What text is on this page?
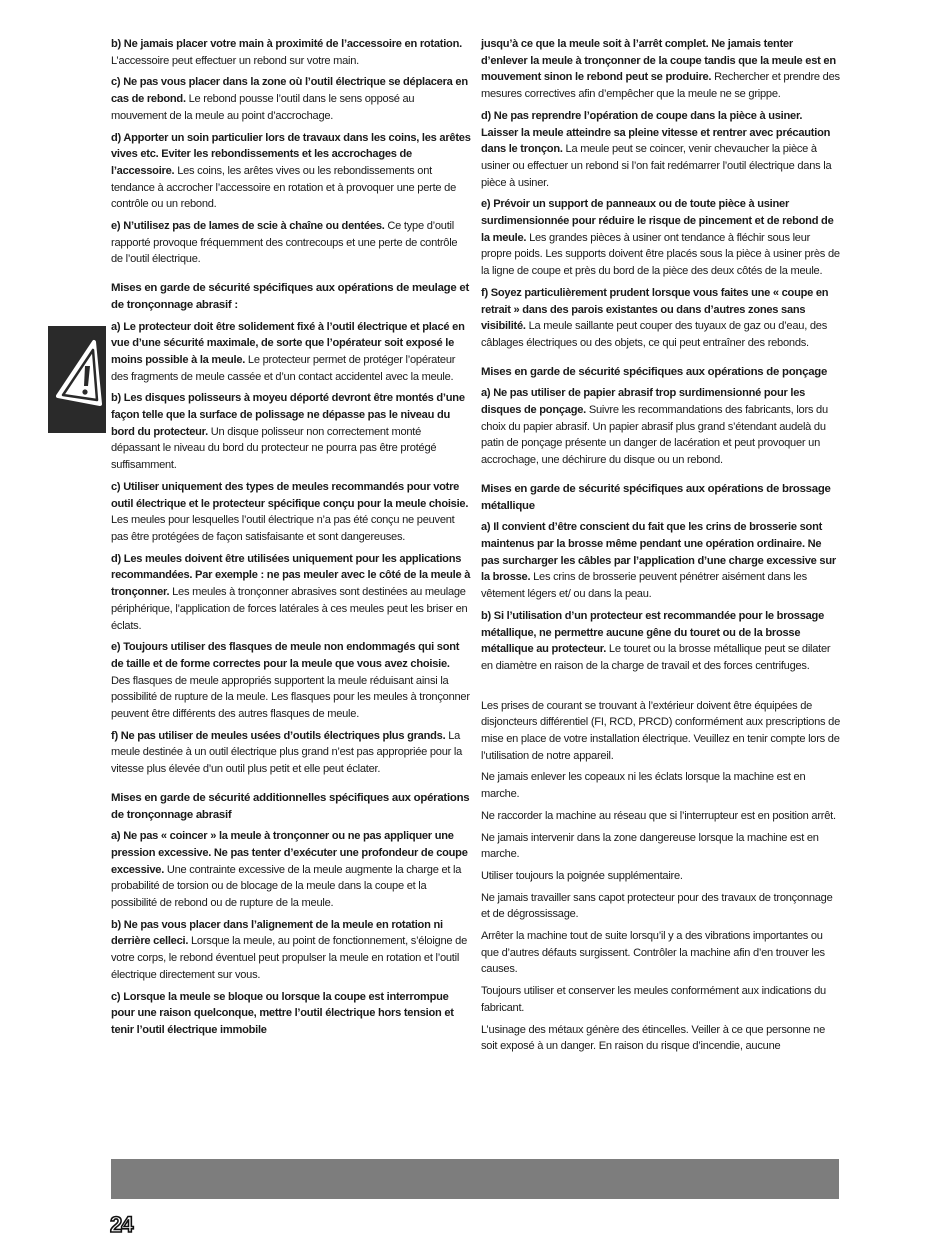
b) Ne jamais placer votre main à proximité de l’accessoire en rotation. L’accessoire peut effectuer un rebond sur votre main.

c) Ne pas vous placer dans la zone où l’outil électrique se déplacera en cas de rebond. Le rebond pousse l’outil dans le sens opposé au mouvement de la meule au point d’accrochage.

d) Apporter un soin particulier lors de travaux dans les coins, les arêtes vives etc. Eviter les rebondissements et les accrochages de l’accessoire. Les coins, les arêtes vives ou les rebondissements ont tendance à accrocher l’accessoire en rotation et à provoquer une perte de contrôle ou un rebond.

e) N’utilisez pas de lames de scie à chaîne ou dentées. Ce type d’outil rapporté provoque fréquemment des contrecoups et une perte de contrôle de l’outil électrique.

Mises en garde de sécurité spécifiques aux opérations de meulage et de tronçonnage abrasif :

a) Le protecteur doit être solidement fixé à l’outil électrique et placé en vue d’une sécurité maximale, de sorte que l’opérateur soit exposé le moins possible à la meule. Le protecteur permet de protéger l’opérateur des fragments de meule cassée et d’un contact accidentel avec la meule.

b) Les disques polisseurs à moyeu déporté devront être montés d’une façon telle que la surface de polissage ne dépasse pas le niveau du bord du protecteur. Un disque polisseur non correctement monté dépassant le niveau du bord du protecteur ne pourra pas être protégé suffisamment.

c) Utiliser uniquement des types de meules recommandés pour votre outil électrique et le protecteur spécifique conçu pour la meule choisie. Les meules pour lesquelles l’outil électrique n’a pas été conçu ne peuvent pas être protégées de façon satisfaisante et sont dangereuses.

d) Les meules doivent être utilisées uniquement pour les applications recommandées. Par exemple : ne pas meuler avec le côté de la meule à tronçonner. Les meules à tronçonner abrasives sont destinées au meulage périphérique, l’application de forces latérales à ces meules peut les briser en éclats.

e) Toujours utiliser des flasques de meule non endommagés qui sont de taille et de forme correctes pour la meule que vous avez choisie. Des flasques de meule appropriés supportent la meule réduisant ainsi la possibilité de rupture de la meule. Les flasques pour les meules à tronçonner peuvent être différents des autres flasques de meule.

f) Ne pas utiliser de meules usées d’outils électriques plus grands. La meule destinée à un outil électrique plus grand n’est pas appropriée pour la vitesse plus élevée d’un outil plus petit et elle peut éclater.

Mises en garde de sécurité additionnelles spécifiques aux opérations de tronçonnage abrasif

a) Ne pas « coincer » la meule à tronçonner ou ne pas appliquer une pression excessive. Ne pas tenter d’exécuter une profondeur de coupe excessive. Une contrainte excessive de la meule augmente la charge et la probabilité de torsion ou de blocage de la meule dans la coupe et la possibilité de rebond ou de rupture de la meule.

b) Ne pas vous placer dans l’alignement de la meule en rotation ni derrière celleci. Lorsque la meule, au point de fonctionnement, s’éloigne de votre corps, le rebond éventuel peut propulser la meule en rotation et l’outil électrique directement sur vous.

c) Lorsque la meule se bloque ou lorsque la coupe est interrompue pour une raison quelconque, mettre l’outil électrique hors tension et tenir l’outil électrique immobile

jusqu’à ce que la meule soit à l’arrêt complet. Ne jamais tenter d’enlever la meule à tronçonner de la coupe tandis que la meule est en mouvement sinon le rebond peut se produire. Rechercher et prendre des mesures correctives afin d’empêcher que la meule ne se grippe.

d) Ne pas reprendre l’opération de coupe dans la pièce à usiner. Laisser la meule atteindre sa pleine vitesse et rentrer avec précaution dans le tronçon. La meule peut se coincer, venir chevaucher la pièce à usiner ou effectuer un rebond si l’on fait redémarrer l’outil électrique dans la pièce à usiner.

e) Prévoir un support de panneaux ou de toute pièce à usiner surdimensionnée pour réduire le risque de pincement et de rebond de la meule. Les grandes pièces à usiner ont tendance à fléchir sous leur propre poids. Les supports doivent être placés sous la pièce à usiner près de la ligne de coupe et près du bord de la pièce des deux côtés de la meule.

f) Soyez particulièrement prudent lorsque vous faites une « coupe en retrait » dans des parois existantes ou dans d’autres zones sans visibilité. La meule saillante peut couper des tuyaux de gaz ou d’eau, des câblages électriques ou des objets, ce qui peut entraîner des rebonds.

Mises en garde de sécurité spécifiques aux opérations de ponçage

a) Ne pas utiliser de papier abrasif trop surdimensionné pour les disques de ponçage. Suivre les recommandations des fabricants, lors du choix du papier abrasif. Un papier abrasif plus grand s’étendant audelà du patin de ponçage présente un danger de lacération et peut provoquer un accrochage, une déchirure du disque ou un rebond.

Mises en garde de sécurité spécifiques aux opérations de brossage métallique

a) Il convient d’être conscient du fait que les crins de brosserie sont maintenus par la brosse même pendant une opération ordinaire. Ne pas surcharger les câbles par l’application d’une charge excessive sur la brosse. Les crins de brosserie peuvent pénétrer aisément dans les vêtement légers et/ ou dans la peau.

b) Si l’utilisation d’un protecteur est recommandée pour le brossage métallique, ne permettre aucune gêne du touret ou de la brosse métallique au protecteur. Le touret ou la brosse métallique peut se dilater en diamètre en raison de la charge de travail et des forces centrifuges.

Les prises de courant se trouvant à l’extérieur doivent être équipées de disjoncteurs différentiel (FI, RCD, PRCD) conformément aux prescriptions de mise en place de votre installation électrique. Veuillez en tenir compte lors de l’utilisation de notre appareil.

Ne jamais enlever les copeaux ni les éclats lorsque la machine est en marche.

Ne raccorder la machine au réseau que si l’interrupteur est en position arrêt.

Ne jamais intervenir dans la zone dangereuse lorsque la machine est en marche.

Utiliser toujours la poignée supplémentaire.

Ne jamais travailler sans capot protecteur pour des travaux de tronçonnage et de dégrossissage.

Arrêter la machine tout de suite lorsqu’il y a des vibrations importantes ou que d’autres défauts surgissent. Contrôler la machine afin d’en trouver les causes.

Toujours utiliser et conserver les meules conformément aux indications du fabricant.

L’usinage des métaux génère des étincelles. Veiller à ce que personne ne soit exposé à un danger. En raison du risque d’incendie, aucune

24
